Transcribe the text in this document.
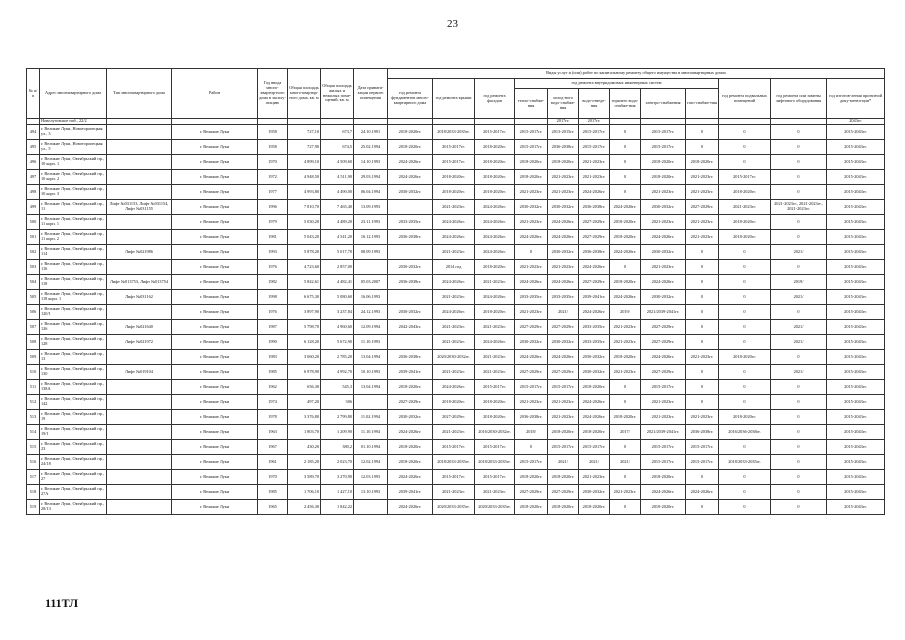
23
№ п/п	Адрес многоквартирного дома	Тип многоквартирного дома	Район	Год ввода много-квартир-ного дома в эксплу-атацию	Общая площадь много-квартир-ного дома, кв. м	Общая площадь жилых и нежилых поме-щений, кв. м	Дата привати-зации первого помещения	Виды услуг и (или) работ по капитальному ремонту общего имущества в многоквартирных домах											
								год ремонта фундаментов много-квартирного дома	год ремонта крыши	год ремонта фасадов	год ремонта внутридомовых инженерных систем						год ремонта подвальных помещений	год ремонта или замены лифтового оборудования	год изготов-ления проектной доку-мента-ции*
											тепло-снабже-ния	холод-ного водо-снабже-ния	водо-отведе-ния	горячего водо-снабже-ния	электро-снабжения	газо-снабже-ния			
	Новолуговское наб., 22/2											2017гг.	2017гг.						2043гг.
494	г. Великие Луки, Новоторопецкая ул., 3		г. Великие Луки	1958	727,10	673,7	24.10.1991	2018-2020гг.	2018/2033-2035гг.	2015-2017гг.	2015-2017гг.	2013-2015гг.	2015-2017гг.	0	2015-2017гг.	0	0	0	2015-2043гг.
495	г. Великие Луки, Новоторопецкая ул., 5		г. Великие Луки	1958	727,90	674,5	25.02.1994	2018-2020гг.	2015-2017гг.	2018-2020гг.	2015-2017гг.	2036-2038гг.	2015-2017гг.	0	2015-2017гг.	0	0	0	2015-2043гг.
496	г. Великие Луки, Октябрьский пр., 10 корп. 1		г. Великие Луки	1970	4 899,10	4 509,60	14.10.1993	2024-2026гг.	2015-2017гг.	2018-2020гг.	2018-2020гг.	2018-2020гг.	2021-2023гг.	0	2018-2020гг.	2018-2020гг.	0	0	2015-2043гг.
497	г. Великие Луки, Октябрьский пр., 10 корп. 2		г. Великие Луки	1972	4 948,50	4 511,90	29.03.1994	2024-2026гг.	2018-2020гг.	2018-2020гг.	2018-2020гг.	2021-2023гг.	2021-2023гг.	0	2018-2020гг.	2021-2023гг.	2015-2017гг.	0	2015-2043гг.
498	г. Великие Луки, Октябрьский пр., 10 корп. 3		г. Великие Луки	1977	4 993,80	4 490,00	06.04.1994	2030-2032гг.	2018-2020гг.	2018-2020гг.	2021-2023гг.	2021-2023гг.	2024-2026гг.	0	2021-2023гг.	2021-2023гг.	2018-2020гг.	0	2015-2043гг.
499	г. Великие Луки, Октябрьский пр., 11	Лифт №031153, Лифт №031154, Лифт №031155	г. Великие Луки	1996	7 810,70	7 465,40	13.09.1993		2021-2023гг.	2024-2026гг.	2030-2032гг.	2030-2032гг.	2036-2038гг.	2024-2026гг.	2030-2032гг.	2027-2029гг.	2021-2023гг.	2021-2023гг., 2021-2023гг., 2021-2023гг.	2015-2043гг.
500	г. Великие Луки, Октябрьский пр., 11 корп. 1		г. Великие Луки	1979	5 030,20	4 489,20	23.11.1993	2033-2035гг.	2024-2026гг.	2024-2026гг.	2021-2023гг.	2024-2026гг.	2027-2029гг.	2018-2020гг.	2021-2023гг.	2021-2023гг.	2018-2020гг.	0	2015-2043гг.
501	г. Великие Луки, Октябрьский пр., 11 корп. 2		г. Великие Луки	1981	5 043,20	4 541,20	16.12.1993	2036-2038гг.	2024-2026гг.	2024-2026гг.	2024-2026гг.	2024-2026гг.	2027-2029гг.	2018-2020гг.	2024-2026гг.	2021-2023гг.	2018-2020гг.	0	2015-2043гг.
502	г. Великие Луки, Октябрьский пр., 114	Лифт №021986	г. Великие Луки	1993	5 878,20	5 017,70	08.09.1993		2021-2023гг.	2024-2026гг.	0	2030-2032гг.	2036-2038гг.	2024-2026гг.	2030-2032гг.	0	0	2021/	2015-2043гг.
503	г. Великие Луки, Октябрьский пр., 116		г. Великие Луки	1976	4 723,60	2 857,00		2030-2032гг.	2014 год	2018-2020гг.	2021-2023гг.	2021-2023гг.	2024-2026гг.	0	2021-2023гг.	0	0	0	2015-2043гг.
504	г. Великие Луки, Октябрьский пр., 118	Лифт №013753, Лифт №013754	г. Великие Луки	1982	5 842,61	4 482,41	05.03.2007	2036-2038гг.	2024-2026гг.	2021-2023гг.	2024-2026гг.	2024-2026гг.	2027-2029гг.	2018-2020гг.	2024-2026гг.	0	0	2019/	2015-2043гг.
505	г. Великие Луки, Октябрьский пр., 118 корп. 1	Лифт №031162	г. Великие Луки	1998	6 675,30	5 080,60	16.06.1993		2021-2023гг.	2024-2026гг.	2033-2035гг.	2033-2035гг.	2039-2041гг.	2024-2026гг.	2030-2032гг.	0	0	2021/	2015-2043гг.
506	г. Великие Луки, Октябрьский пр., 120/1		г. Великие Луки	1976	3 897,90	3 237,84	24.12.1993	2030-2032гг.	2024-2026гг.	2018-2020гг.	2021-2023гг.	2021/	2024-2026гг.	2019/	2021/2039-2041гг.	0	0	0	2015-2043гг.
507	г. Великие Луки, Октябрьский пр., 126	Лифт №021640	г. Великие Луки	1987	5 798,70	4 960,60	12.09.1994	2042-2043гг.	2021-2023гг.	2021-2023гг.	2027-2029гг.	2027-2029гг.	2033-2035гг.	2021-2023гг.	2027-2029гг.	0	0	2021/	2015-2043гг.
508	г. Великие Луки, Октябрьский пр., 128	Лифт №021972	г. Великие Луки	1990	6 128,20	5 672,90	11.10.1993		2021-2023гг.	2024-2026гг.	2030-2032гг.	2030-2032гг.	2033-2035гг.	2021-2023гг.	2027-2029гг.	0	0	2021/	2015-2043гг.
509	г. Великие Луки, Октябрьский пр., 13		г. Великие Луки	1983	3 060,20	2 785,20	13.04.1994	2036-2038гг.	2020/2030-2032гг.	2021-2023гг.	2024-2026гг.	2024-2026гг.	2030-2032гг.	2018-2020гг.	2024-2026гг.	2021-2023гг.	2018-2020гг.	0	2015-2043гг.
510	г. Великие Луки, Октябрьский пр., 130	Лифт №019104	г. Великие Луки	1985	6 978,90	4 992,70	10.10.1993	2039-2041гг.	2021-2023гг.	2021-2023гг.	2027-2029гг.	2027-2029гг.	2030-2032гг.	2021-2023гг.	2027-2029гг.	0	0	2021/	2015-2043гг.
511	г. Великие Луки, Октябрьский пр., 138А		г. Великие Луки	1962	656,30	545,3	13.04.1994	2018-2020гг.	2024-2026гг.	2015-2017гг.	2015-2017гг.	2015-2017гг.	2018-2020гг.	0	2015-2017гг.	0	0	0	2015-2043гг.
512	г. Великие Луки, Октябрьский пр., 142		г. Великие Луки	1974	497,20	306		2027-2029гг.	2018-2020гг.	2018-2020гг.	2021-2023гг.	2021-2023гг.	2024-2026гг.	0	2021-2023гг.	0	0	0	2015-2043гг.
513	г. Великие Луки, Октябрьский пр., 19		г. Великие Луки	1978	3 376,80	2 799,80	11.02.1994	2030-2032гг.	2027-2029гг.	2018-2020гг.	2036-2038гг.	2021-2023гг.	2024-2026гг.	2018-2020гг.	2021-2023гг.	2021-2023гг.	2018-2020гг.	0	2015-2043гг.
514	г. Великие Луки, Октябрьский пр., 19/1		г. Великие Луки	1963	1 803,70	1 209,90	11.10.1994	2024-2026гг.	2021-2023гг.	2016/2030-2032гг.	2018/	2018-2020гг.	2018-2020гг.	2017/	2021/2039-2041гг.	2036-2038гг.	2016/2036-2038гг.	0	2015-2043гг.
515	г. Великие Луки, Октябрьский пр., 23		г. Великие Луки	1967	430,20	380,2	01.10.1994	2018-2020гг.	2015-2017гг.	2015-2017гг.	0	2015-2017гг.	2015-2017гг.	0	2015-2017гг.	2015-2017гг.	0	0	2015-2043гг.
516	г. Великие Луки, Октябрьский пр., 24/18		г. Великие Луки	1961	2 185,20	2 023,70	12.02.1994	2018-2020гг.	2018/2033-2035гг.	2018/2033-2035гг.	2015-2017гг.	2021/	2021/	2021/	2015-2017гг.	2015-2017гг.	2018/2033-2035гг.	0	2015-2043гг.
517	г. Великие Луки, Октябрьский пр., 27		г. Великие Луки	1970	3 589,70	3 270,90	12.03.1993	2024-2026гг.	2015-2017гг.	2015-2017гг.	2018-2020гг.	2018-2020гг.	2021-2023гг.	0	2018-2020гг.	0	0	0	2015-2043гг.
518	г. Великие Луки, Октябрьский пр., 27А		г. Великие Луки	1985	1 706,10	1 427,10	13.10.1993	2039-2041гг.	2021-2023гг.	2021-2023гг.	2027-2029гг.	2027-2029гг.	2030-2032гг.	2021-2023гг.	2024-2026гг.	2024-2026гг.	0	0	2015-2043гг.
519	г. Великие Луки, Октябрьский пр., 28/13		г. Великие Луки	1965	2 456,30	1 842,22		2024-2026гг.	2020/2033-2035гг.	2020/2033-2035гг.	2018-2020гг.	2018-2020гг.	2018-2020гг.	0	2018-2020гг.	0	0	0	2015-2043гг.
111ТЛ
